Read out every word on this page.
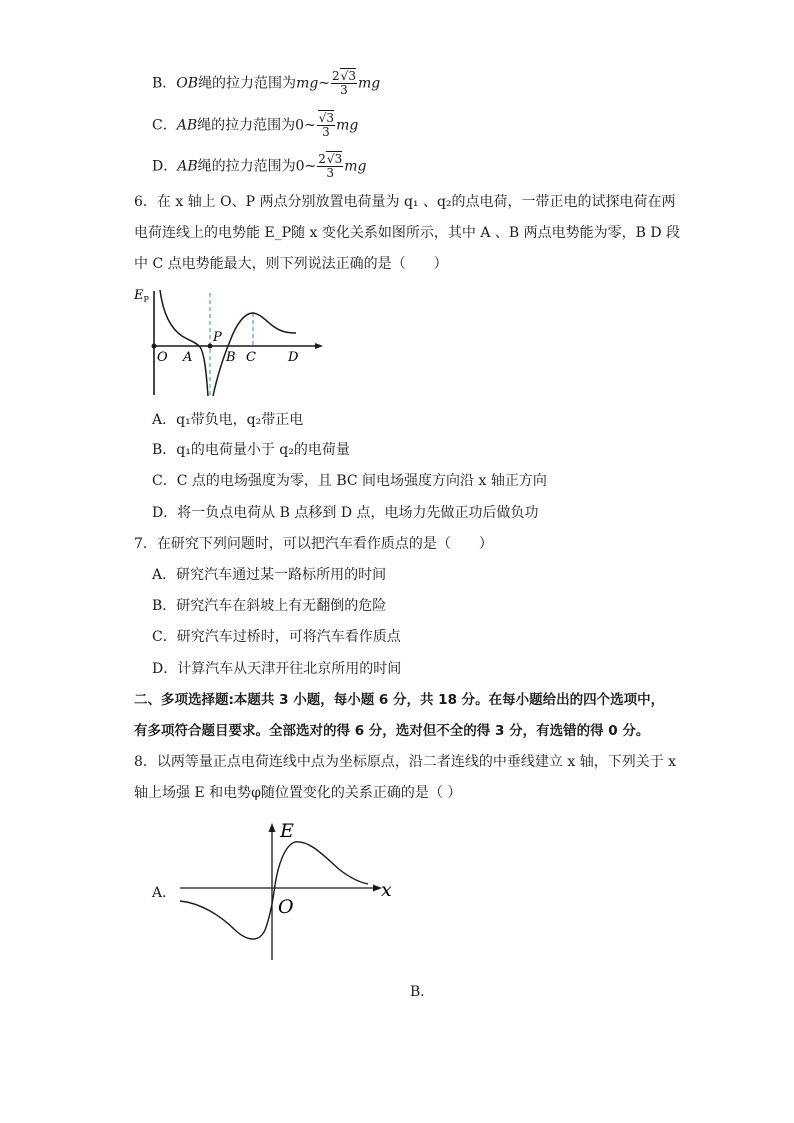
B．OB绳的拉力范围为mg~ $\frac{2√3}{3}$ mg
C．AB绳的拉力范围为0~ $\frac{√3}{3}$ mg
D．AB绳的拉力范围为0~ $\frac{2√3}{3}$ mg
6．在 x 轴上 O、P 两点分别放置电荷量为 q₁ 、q₂的点电荷，一带正电的试探电荷在两
电荷连线上的电势能 E_P随 x 变化关系如图所示，其中 A 、B 两点电势能为零，B D 段
中 C 点电势能最大，则下列说法正确的是（　　）
$E_P$
O A
P
B C D
A．q₁带负电，q₂带正电
B．q₁的电荷量小于 q₂的电荷量
C．C 点的电场强度为零，且 BC 间电场强度方向沿 x 轴正方向
D．将一负点电荷从 B 点移到 D 点，电场力先做正功后做负功
7．在研究下列问题时，可以把汽车看作质点的是（　　）
A．研究汽车通过某一路标所用的时间
B．研究汽车在斜坡上有无翻倒的危险
C．研究汽车过桥时，可将汽车看作质点
D．计算汽车从天津开往北京所用的时间
二、多项选择题:本题共 3 小题，每小题 6 分，共 18 分。在每小题给出的四个选项中，
有多项符合题目要求。全部选对的得 6 分，选对但不全的得 3 分，有选错的得 0 分。
8．以两等量正点电荷连线中点为坐标原点，沿二者连线的中垂线建立 x 轴，下列关于 x
轴上场强 E 和电势φ随位置变化的关系正确的是（ ）
A．
E
x
O
B．
